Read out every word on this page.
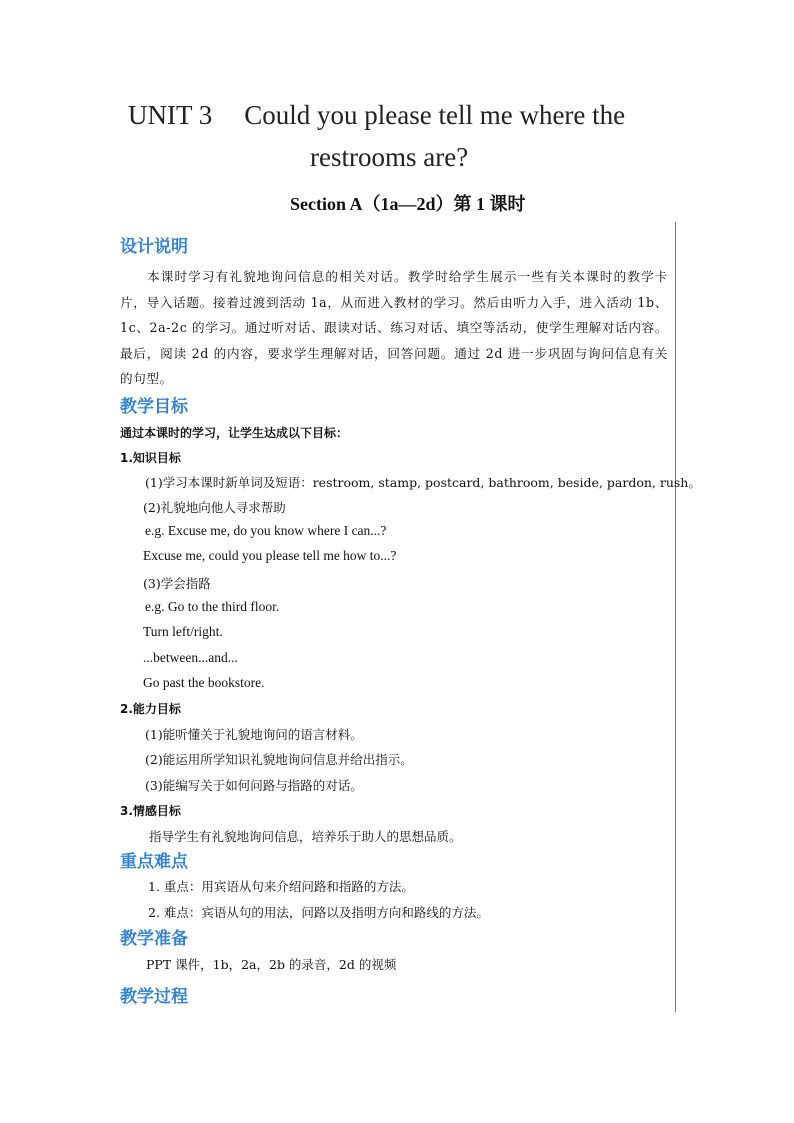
UNIT 3 Could you please tell me where the
restrooms are?
Section A（1a—2d）第 1 课时
设计说明
本课时学习有礼貌地询问信息的相关对话。教学时给学生展示一些有关本课时的教学卡片，导入话题。接着过渡到活动 1a，从而进入教材的学习。然后由听力入手，进入活动 1b、1c、2a-2c 的学习。通过听对话、跟读对话、练习对话、填空等活动，使学生理解对话内容。最后，阅读 2d 的内容，要求学生理解对话，回答问题。通过 2d 进一步巩固与询问信息有关的句型。
教学目标
通过本课时的学习，让学生达成以下目标：
1.知识目标
(1)学习本课时新单词及短语：restroom, stamp, postcard, bathroom, beside, pardon, rush。
(2)礼貌地向他人寻求帮助
e.g. Excuse me, do you know where I can...?
Excuse me, could you please tell me how to...?
(3)学会指路
e.g. Go to the third floor.
Turn left/right.
...between...and...
Go past the bookstore.
2.能力目标
(1)能听懂关于礼貌地询问的语言材料。
(2)能运用所学知识礼貌地询问信息并给出指示。
(3)能编写关于如何问路与指路的对话。
3.情感目标
指导学生有礼貌地询问信息，培养乐于助人的思想品质。
重点难点
1. 重点：用宾语从句来介绍问路和指路的方法。
2. 难点：宾语从句的用法，问路以及指明方向和路线的方法。
教学准备
PPT 课件，1b，2a，2b 的录音，2d 的视频
教学过程
